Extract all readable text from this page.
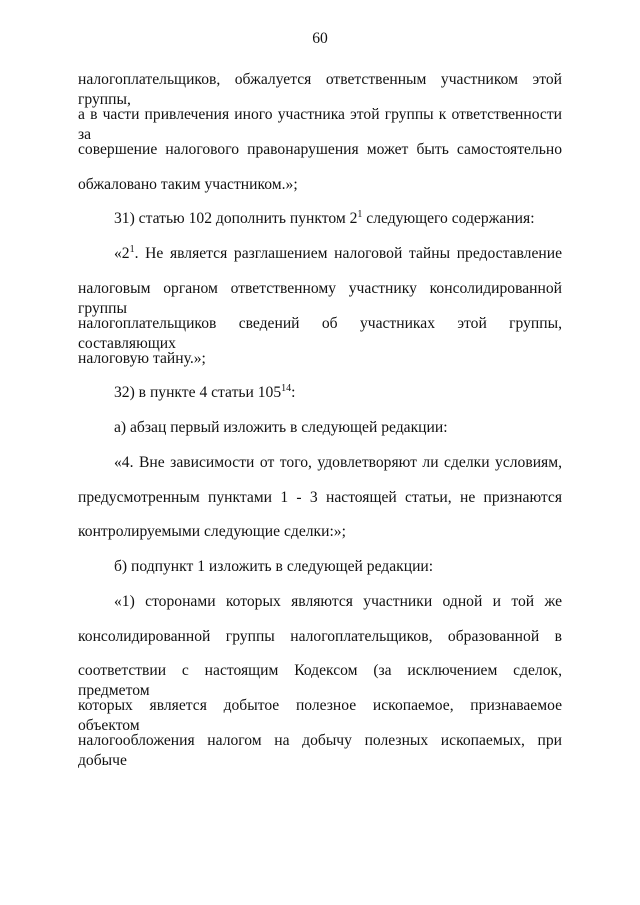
60
налогоплательщиков, обжалуется ответственным участником этой группы,
а в части привлечения иного участника этой группы к ответственности за
совершение налогового правонарушения может быть самостоятельно
обжаловано таким участником.»;
31) статью 102 дополнить пунктом $2^1$ следующего содержания:
«$2^1$. Не является разглашением налоговой тайны предоставление
налоговым органом ответственному участнику консолидированной группы
налогоплательщиков сведений об участниках этой группы, составляющих
налоговую тайну.»;
32) в пункте 4 статьи $105^{14}$:
а) абзац первый изложить в следующей редакции:
«4. Вне зависимости от того, удовлетворяют ли сделки условиям,
предусмотренным пунктами 1 - 3 настоящей статьи, не признаются
контролируемыми следующие сделки:»;
б) подпункт 1 изложить в следующей редакции:
«1) сторонами которых являются участники одной и той же
консолидированной группы налогоплательщиков, образованной в
соответствии с настоящим Кодексом (за исключением сделок, предметом
которых является добытое полезное ископаемое, признаваемое объектом
налогообложения налогом на добычу полезных ископаемых, при добыче
